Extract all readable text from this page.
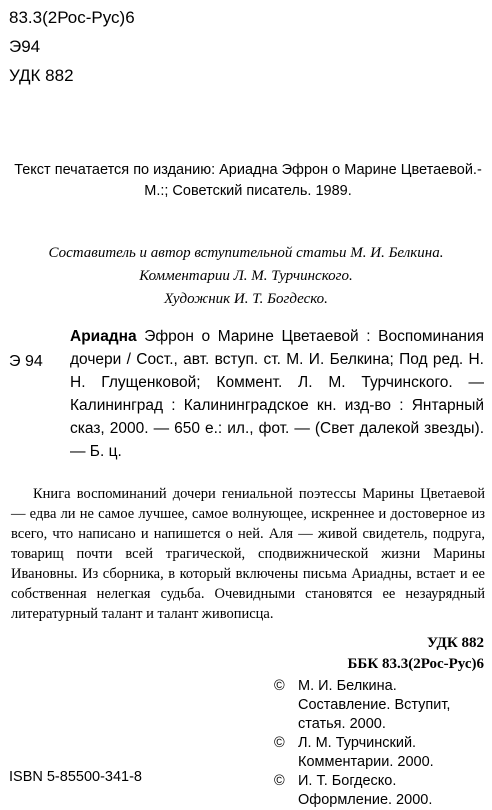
83.3(2Рос-Рус)6
Э94
УДК 882
Текст печатается по изданию: Ариадна Эфрон о Марине Цветаевой.-М.:; Советский писатель. 1989.
Составитель и автор вступительной статьи М. И. Белкина.
Комментарии Л. М. Турчинского.
Художник И. Т. Богдеско.
Э 94
Ариадна Эфрон о Марине Цветаевой : Воспоминания дочери / Сост., авт. вступ. ст. М. И. Белкина; Под ред. Н. Н. Глущенковой; Коммент. Л. М. Турчинского. — Калининград : Калининградское кн. изд-во : Янтарный сказ, 2000. — 650 е.: ил., фот. — (Свет далекой звезды). — Б. ц.
Книга воспоминаний дочери гениальной поэтессы Марины Цветаевой — едва ли не самое лучшее, самое волнующее, искреннее и достоверное из всего, что написано и напишется о ней. Аля — живой свидетель, подруга, товарищ почти всей трагической, сподвижнической жизни Марины Ивановны. Из сборника, в который включены письма Ариадны, встает и ее собственная нелегкая судьба. Очевидными становятся ее незаурядный литературный талант и талант живописца.
УДК 882
ББК 83.3(2Рос-Рус)6
© М. И. Белкина. Составление. Вступит, статья. 2000.
© Л. М. Турчинский. Комментарии. 2000.
© И. Т. Богдеско. Оформление. 2000.
ISBN 5-85500-341-8
